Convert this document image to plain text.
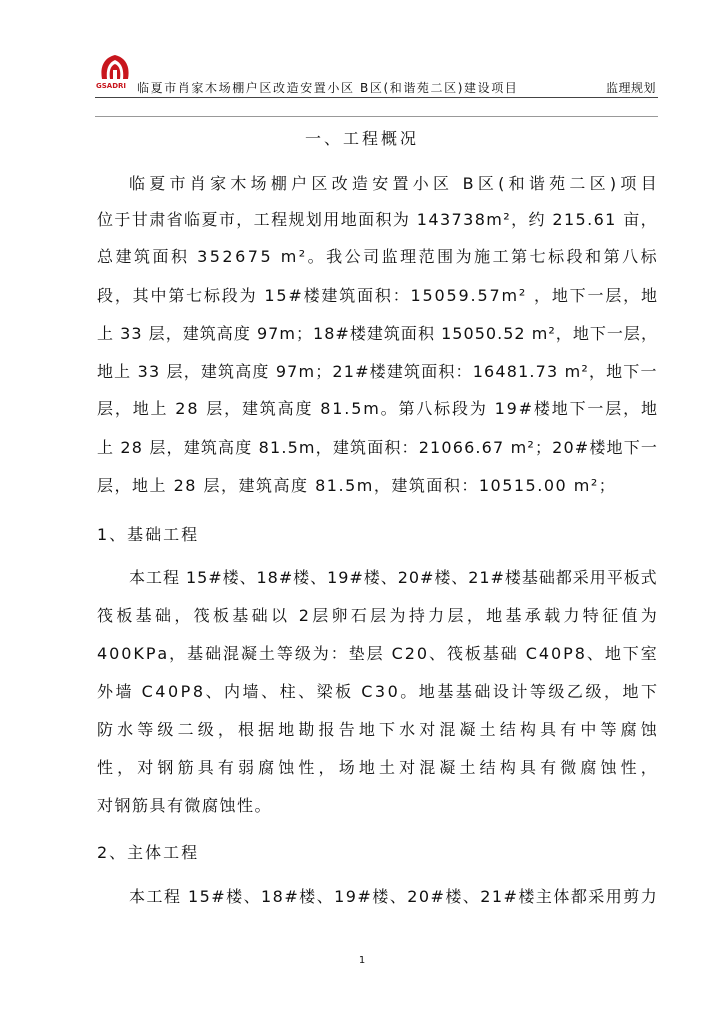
GSADRI 临夏市肖家木场棚户区改造安置小区 B区(和谐苑二区)建设项目	监理规划
一、工程概况
临 夏 市 肖 家 木 场 棚 户 区 改 造 安 置 小 区
B 区 ( 和 谐 苑 二 区 ) 项 目
位 于 甘 肃 省 临 夏 市 ， 工 程 规 划 用 地 面 积 为
1 4 3 7 3 8 m ² ， 约
2 1 5 . 6 1
亩 ，
总 建 筑 面 积
3 5 2 6 7 5
m ² 。 我 公 司 监 理 范 围 为 施 工 第 七 标 段 和 第 八 标
段 ， 其 中 第 七 标 段 为
1 5 # 楼 建 筑 面 积 ： 1 5 0 5 9 . 5 7 m ²
， 地 下 一 层 ， 地
上
3 3
层 ， 建 筑 高 度
9 7 m ； 1 8 # 楼 建 筑 面 积
1 5 0 5 0 . 5 2
m ² ， 地 下 一 层 ，
地 上
3 3
层 ， 建 筑 高 度
9 7 m ； 2 1 # 楼 建 筑 面 积 ： 1 6 4 8 1 . 7 3
m ² ， 地 下 一
层 ， 地 上
2 8
层 ， 建 筑 高 度
8 1 . 5 m 。 第 八 标 段 为
1 9 # 楼 地 下 一 层 ， 地
上
2 8
层 ， 建 筑 高 度
8 1 . 5 m ， 建 筑 面 积 ： 2 1 0 6 6 . 6 7
m ² ； 2 0 # 楼 地 下 一
层，地上 28 层，建筑高度 81.5m，建筑面积：10515.00 m²；
1、基础工程
本 工 程
1 5 # 楼 、 1 8 # 楼 、 1 9 # 楼 、 2 0 # 楼 、 2 1 # 楼 基 础 都 采 用 平 板 式
筏 板 基 础 ， 筏 板 基 础 以
2 层 卵 石 层 为 持 力 层 ， 地 基 承 载 力 特 征 值 为
4 0 0 K P a ， 基 础 混 凝 土 等 级 为 ： 垫 层
C 2 0 、 筏 板 基 础
C 4 0 P 8 、 地 下 室
外 墙
C 4 0 P 8 、 内 墙 、 柱 、 梁 板
C 3 0 。 地 基 基 础 设 计 等 级 乙 级 ， 地 下
防 水 等 级 二 级 ， 根 据 地 勘 报 告 地 下 水 对 混 凝 土 结 构 具 有 中 等 腐 蚀
性 ， 对 钢 筋 具 有 弱 腐 蚀 性 ， 场 地 土 对 混 凝 土 结 构 具 有 微 腐 蚀 性 ，
对钢筋具有微腐蚀性。
2、主体工程
本 工 程
1 5 # 楼 、 1 8 # 楼 、 1 9 # 楼 、 2 0 # 楼 、 2 1 # 楼 主 体 都 采 用 剪 力
1
